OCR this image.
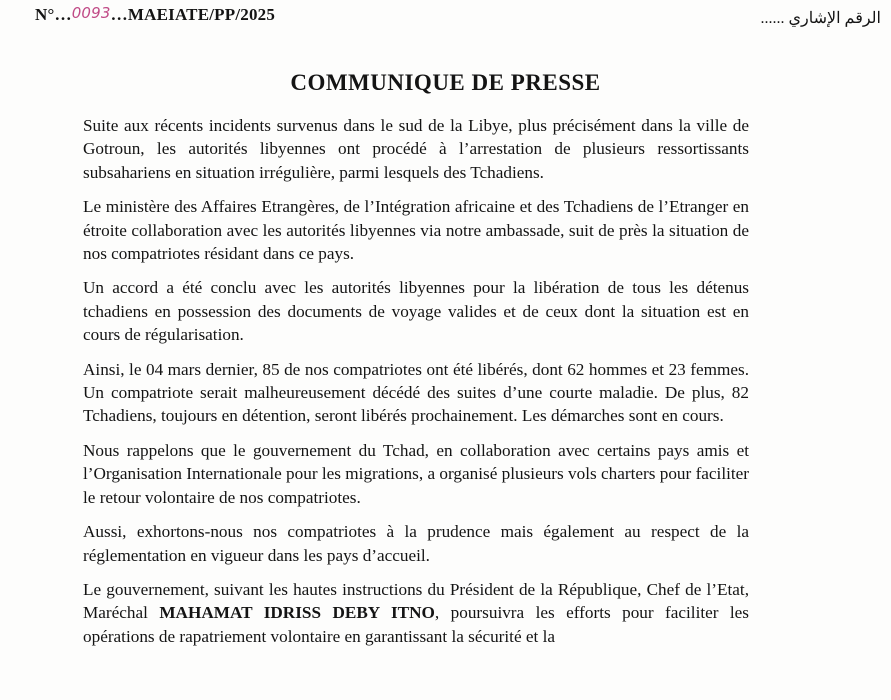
N°…0093…MAEIATE/PP/2025	الرقم الإشاري ......
COMMUNIQUE DE PRESSE

Suite aux récents incidents survenus dans le sud de la Libye, plus précisément dans la ville de Gotroun, les autorités libyennes ont procédé à l’arrestation de plusieurs ressortissants subsahariens en situation irrégulière, parmi lesquels des Tchadiens.

Le ministère des Affaires Etrangères, de l’Intégration africaine et des Tchadiens de l’Etranger en étroite collaboration avec les autorités libyennes via notre ambassade, suit de près la situation de nos compatriotes résidant dans ce pays.

Un accord a été conclu avec les autorités libyennes pour la libération de tous les détenus tchadiens en possession des documents de voyage valides et de ceux dont la situation est en cours de régularisation.

Ainsi, le 04 mars dernier, 85 de nos compatriotes ont été libérés, dont 62 hommes et 23 femmes. Un compatriote serait malheureusement décédé des suites d’une courte maladie. De plus, 82 Tchadiens, toujours en détention, seront libérés prochainement. Les démarches sont en cours.

Nous rappelons que le gouvernement du Tchad, en collaboration avec certains pays amis et l’Organisation Internationale pour les migrations, a organisé plusieurs vols charters pour faciliter le retour volontaire de nos compatriotes.

Aussi, exhortons-nous nos compatriotes à la prudence mais également au respect de la réglementation en vigueur dans les pays d’accueil.

Le gouvernement, suivant les hautes instructions du Président de la République, Chef de l’Etat, Maréchal MAHAMAT IDRISS DEBY ITNO, poursuivra les efforts pour faciliter les opérations de rapatriement volontaire en garantissant la sécurité et la
